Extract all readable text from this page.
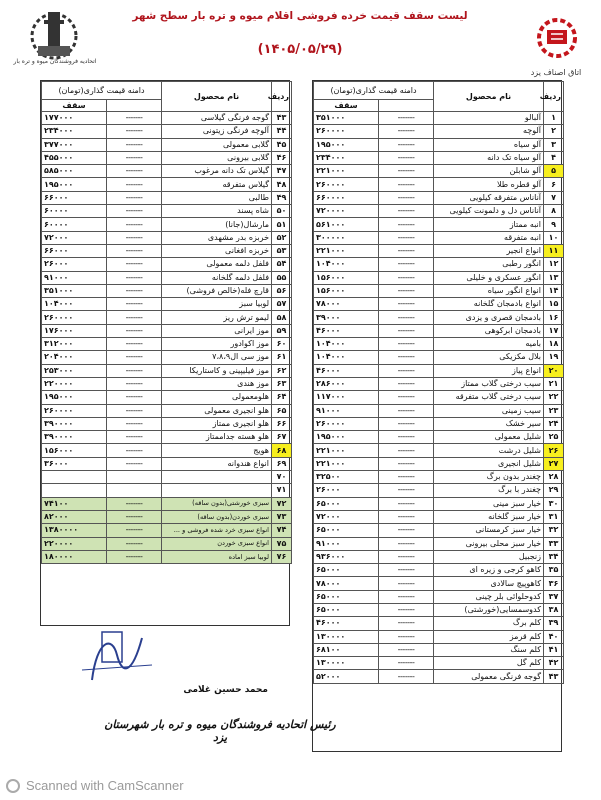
لیست سقف قیمت خرده فروشی اقلام میوه و تره بار سطح شهر
(۱۴۰۵/۰۵/۲۹)
اتاق اصناف یزد
اتحادیه فروشندگان میوه و تره بار
ردیف	نام محصول	دامنه قیمت گذاری(تومان)	
			سقف
۱	آلبالو	-------	۳۵۱۰۰۰
۲	آلوچه	-------	۲۶۰۰۰۰
۳	آلو سیاه	-------	۱۹۵۰۰۰
۴	آلو سیاه تک دانه	-------	۲۳۴۰۰۰
۵	آلو شابلن	-------	۲۲۱۰۰۰
۶	آلو قطره طلا	-------	۲۶۰۰۰۰
۷	آناناس متفرقه کیلویی	-------	۶۶۰۰۰۰
۸	آناناس دل و دلمونت کیلویی	-------	۷۲۰۰۰۰
۹	انبه ممتاز	-------	۵۶۱۰۰۰
۱۰	انبه متفرقه	-------	۳۰۰۰۰۰
۱۱	انواع انجیر	-------	۲۲۱۰۰۰
۱۲	انگور رطبی	-------	۱۰۴۰۰۰
۱۳	انگور عسکری و خلیلی	-------	۱۵۶۰۰۰
۱۴	انواع انگور سیاه	-------	۱۵۶۰۰۰
۱۵	انواع بادمجان گلخانه	-------	۷۸۰۰۰
۱۶	بادمجان قصری و یزدی	-------	۳۹۰۰۰
۱۷	بادمجان ابرکوهی	-------	۴۶۰۰۰
۱۸	بامیه	-------	۱۰۴۰۰۰
۱۹	بلال مکزیکی	-------	۱۰۴۰۰۰
۲۰	انواع پیاز	-------	۴۶۰۰۰
۲۱	سیب درختی گلاب ممتاز	-------	۲۸۶۰۰۰
۲۲	سیب درختی گلاب متفرقه	-------	۱۱۷۰۰۰
۲۳	سیب زمینی	-------	۹۱۰۰۰
۲۴	سیر خشک	-------	۲۶۰۰۰۰
۲۵	شلیل معمولی	-------	۱۹۵۰۰۰
۲۶	شلیل درشت	-------	۲۲۱۰۰۰
۲۷	شلیل انجیری	-------	۲۲۱۰۰۰
۲۸	چغندر بدون برگ	-------	۳۲۵۰۰
۲۹	چغندر با برگ	-------	۲۶۰۰۰
۳۰	خیار سبز مینی	-------	۶۵۰۰۰
۳۱	خیار سبز گلخانه	-------	۷۲۰۰۰
۳۲	خیار سبز کرمستانی	-------	۶۵۰۰۰
۳۳	خیار سبز محلی بیرونی	-------	۹۱۰۰۰
۳۴	زنجبیل	-------	۹۳۶۰۰۰
۳۵	کاهو کرجی و زیره ای	-------	۶۵۰۰۰
۳۶	کاهوپیچ سالادی	-------	۷۸۰۰۰
۳۷	کدوحلوائی بلر چینی	-------	۶۵۰۰۰
۳۸	کدوسمسایی(خورشتی)	-------	۶۵۰۰۰
۳۹	کلم برگ	-------	۴۶۰۰۰
۴۰	کلم قرمز	-------	۱۳۰۰۰۰
۴۱	کلم سنگ	-------	۶۸۱۰۰
۴۲	کلم گل	-------	۱۳۰۰۰۰
۴۳	گوجه فرنگی معمولی	-------	۵۲۰۰۰
ردیف	نام محصول	دامنه قیمت گذاری(تومان)	
			سقف
۴۳	گوجه فرنگی گیلاسی	-------	۱۷۷۰۰۰
۴۴	آلوچه فرنگی زیتونی	-------	۲۳۴۰۰۰
۴۵	گلابی معمولی	-------	۳۷۷۰۰۰
۴۶	گلابی بیرونی	-------	۴۵۵۰۰۰
۴۷	گیلاس تک دانه مرغوب	-------	۵۸۵۰۰۰
۴۸	گیلاس متفرقه	-------	۱۹۵۰۰۰
۴۹	طالبی	-------	۶۶۰۰۰
۵۰	شاه پسند	-------	۶۰۰۰۰
۵۱	مارشال(جانا)	-------	۶۰۰۰۰
۵۲	خربزه بدر مشهدی	-------	۷۲۰۰۰
۵۳	خربزه افغانی	-------	۶۶۰۰۰
۵۴	فلفل دلمه معمولی	-------	۲۶۰۰۰
۵۵	فلفل دلمه گلخانه	-------	۹۱۰۰۰
۵۶	قارچ فله(خالص فروشی)	-------	۳۵۱۰۰۰
۵۷	لوبیا سبز	-------	۱۰۴۰۰۰
۵۸	لیمو ترش ریز	-------	۲۶۰۰۰۰
۵۹	موز ایرانی	-------	۱۷۶۰۰۰
۶۰	موز اکوادور	-------	۳۱۲۰۰۰
۶۱	موز سی ال۷،۸،۹	-------	۲۰۴۰۰۰
۶۲	موز فیلیپینی و کاستاریکا	-------	۲۵۳۰۰۰
۶۳	موز هندی	-------	۲۲۰۰۰۰
۶۴	هلومعمولی	-------	۱۹۵۰۰۰
۶۵	هلو انجیری معمولی	-------	۲۶۰۰۰۰
۶۶	هلو انجیری ممتاز	-------	۳۹۰۰۰۰
۶۷	هلو هسته جداممتاز	-------	۳۹۰۰۰۰
۶۸	هویج	-------	۱۵۶۰۰۰
۶۹	انواع هندوانه	-------	۳۶۰۰۰
۷۰			
۷۱			
۷۲	سبزی خورشتی(بدون ساقه)	-------	۷۴۱۰۰
۷۳	سبزی خوردن(بدون ساقه)	-------	۸۲۰۰۰
۷۴	انواع سبزی خرد شده فروشی و ...	-------	۱۳۸۰۰۰۰
۷۵	انواع سبزی خوردن	-------	۲۲۰۰۰۰
۷۶	لوبیا سبز اماده	-------	۱۸۰۰۰۰
محمد حسین غلامی
رئیس اتحادیه فروشندگان میوه و تره بار شهرستان یزد
Scanned with CamScanner
